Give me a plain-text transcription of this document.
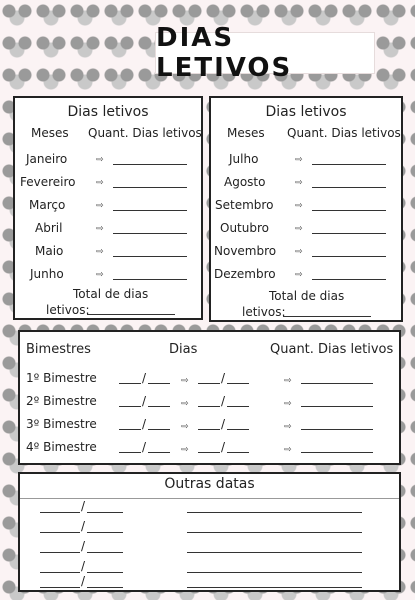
DIAS LETIVOS
Dias letivos
Meses Quant. Dias letivos
Janeiro	⇨
Fevereiro ⇨
Março	⇨
Abril	⇨
Maio	⇨
Junho	⇨
Total de dias
letivos:
Dias letivos
Meses Quant. Dias letivos
Julho	⇨
Agosto	⇨
Setembro ⇨
Outubro	⇨
Novembro ⇨
Dezembro ⇨
Total de dias
letivos:
Bimestres	Dias	Quant. Dias letivos
1º Bimestre	/	⇨	/	⇨
2º Bimestre	/	⇨	/	⇨
3º Bimestre	/	⇨	/	⇨
4º Bimestre	/	⇨	/	⇨
Outras datas
/
/
/
/
/
